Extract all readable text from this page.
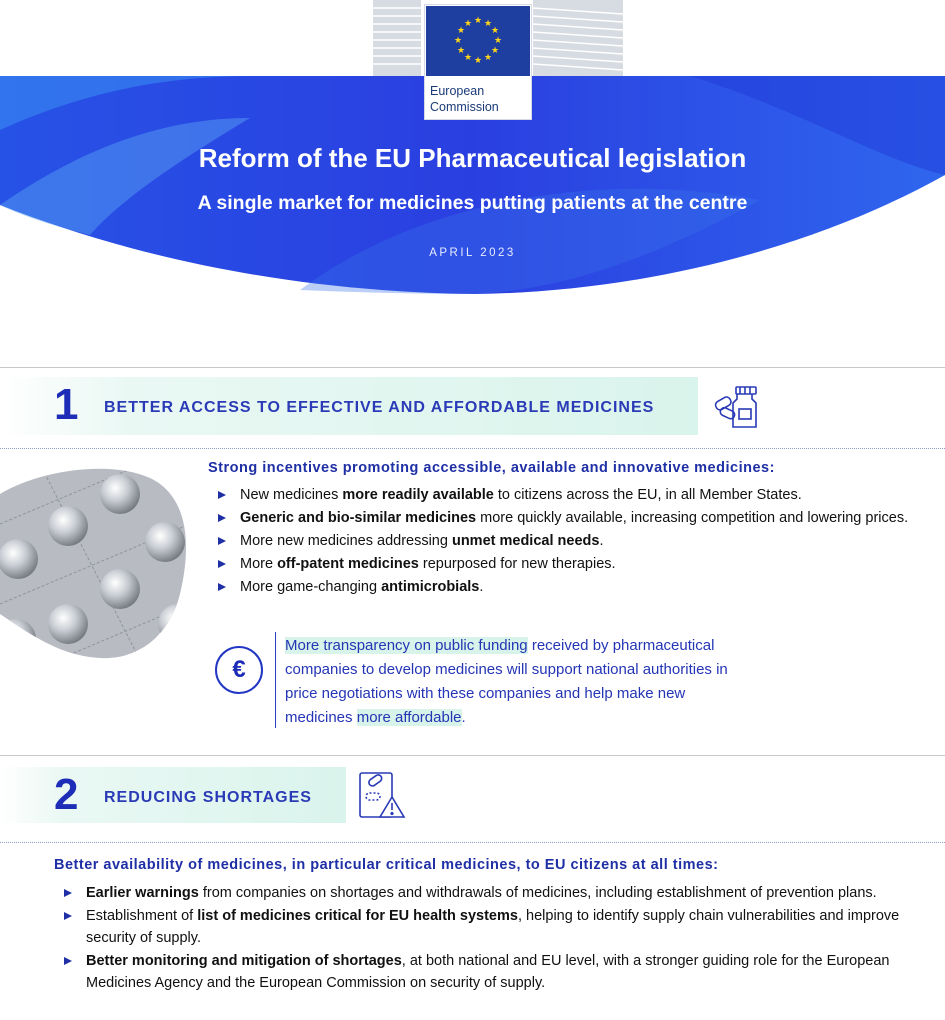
★ ★
★
★
★
★
★
★
★
★
★
★
European
Commission
Reform of the EU Pharmaceutical legislation
A single market for medicines putting patients at the centre
APRIL 2023
1 BETTER ACCESS TO EFFECTIVE AND AFFORDABLE MEDICINES
Strong incentives promoting accessible, available and innovative medicines:
New medicines more readily available to citizens across the EU, in all Member States.
Generic and bio-similar medicines more quickly available, increasing competition and lowering prices.
More new medicines addressing unmet medical needs.
More off-patent medicines repurposed for new therapies.
More game-changing antimicrobials.
€
More transparency on public funding received by pharmaceutical companies to develop medicines will support national authorities in price negotiations with these companies and help make new medicines more affordable.
2 REDUCING SHORTAGES
Better availability of medicines, in particular critical medicines, to EU citizens at all times:
Earlier warnings from companies on shortages and withdrawals of medicines, including establishment of prevention plans.
Establishment of list of medicines critical for EU health systems, helping to identify supply chain vulnerabilities and improve security of supply.
Better monitoring and mitigation of shortages, at both national and EU level, with a stronger guiding role for the European Medicines Agency and the European Commission on security of supply.
